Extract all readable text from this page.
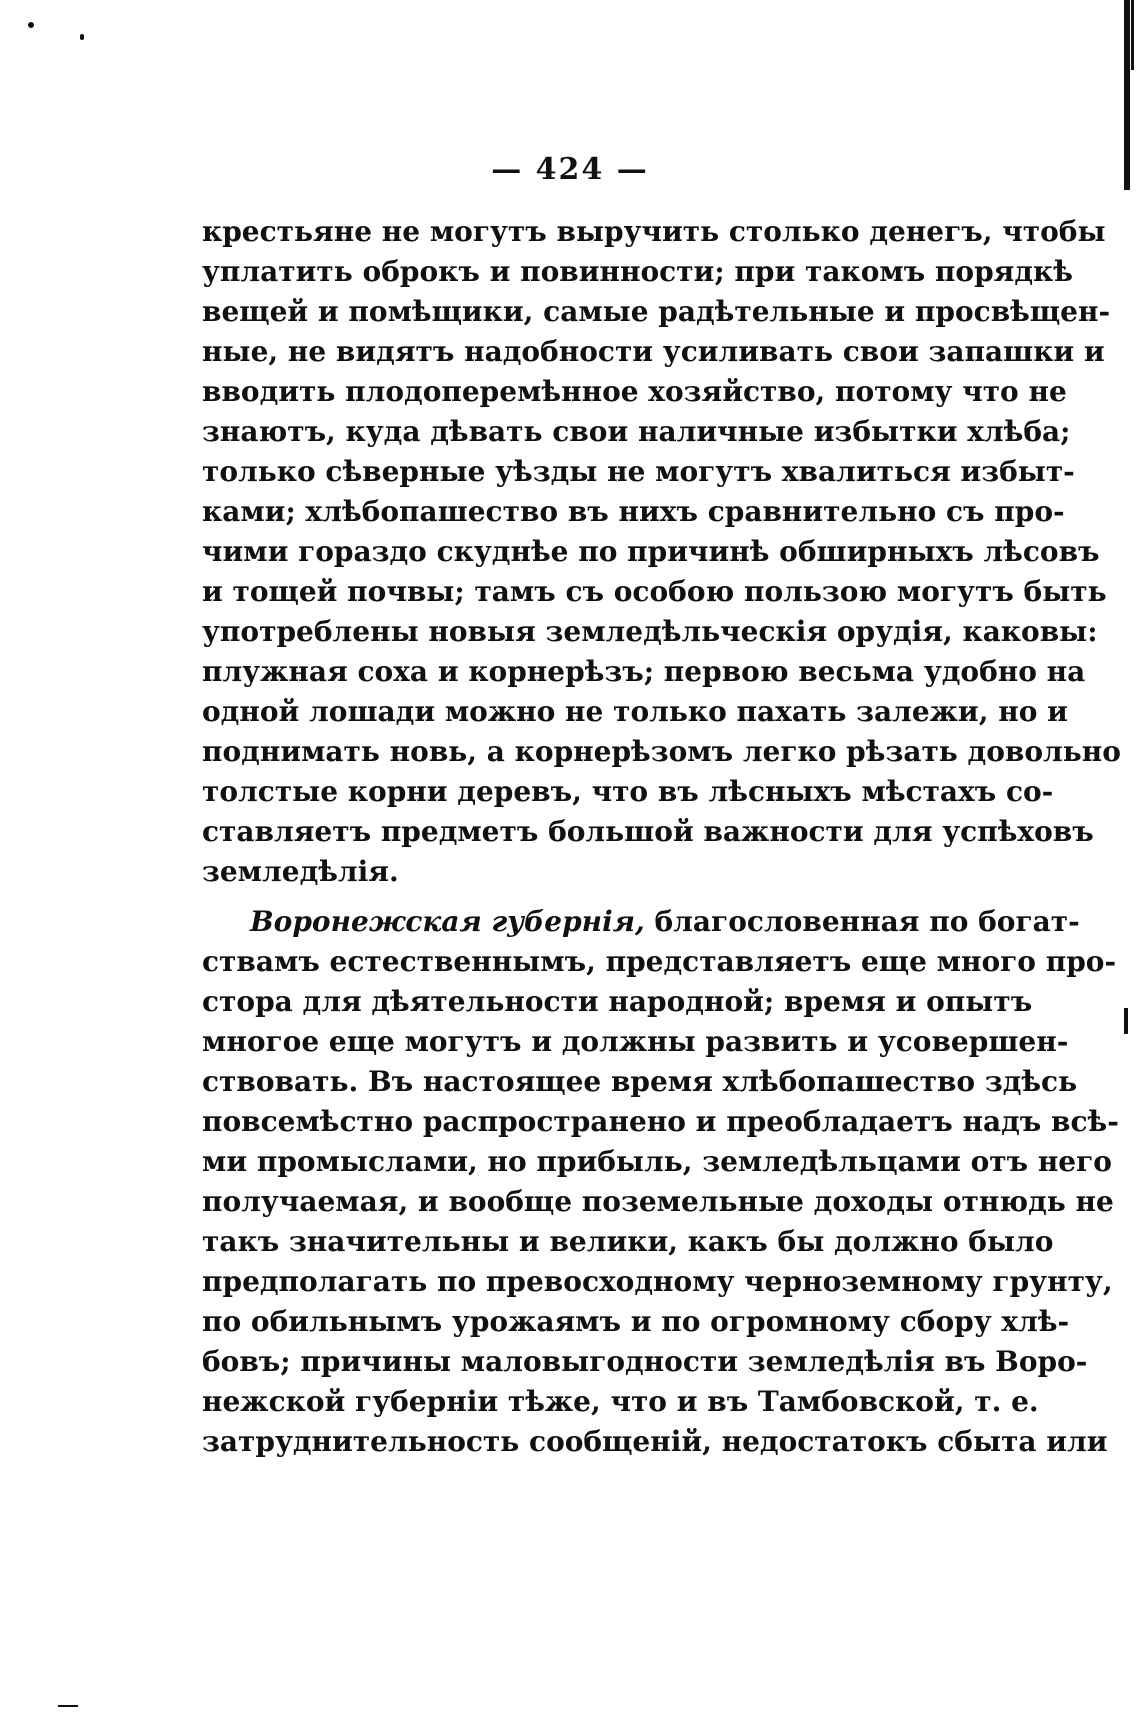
— 424 —
крестьяне не могутъ выручить столько денегъ, чтобы
уплатить оброкъ и повинности; при такомъ порядкѣ
вещей и помѣщики, самые радѣтельные и просвѣщен-
ные, не видятъ надобности усиливать свои запашки и
вводить плодоперемѣнное хозяйство, потому что не
знаютъ, куда дѣвать свои наличные избытки хлѣба;
только сѣверные уѣзды не могутъ хвалиться избыт-
ками; хлѣбопашество въ нихъ сравнительно съ про-
чими гораздо скуднѣе по причинѣ обширныхъ лѣсовъ
и тощей почвы; тамъ съ особою пользою могутъ быть
употреблены новыя земледѣльческія орудія, каковы:
плужная соха и корнерѣзъ; первою весьма удобно на
одной лошади можно не только пахать залежи, но и
поднимать новь, а корнерѣзомъ легко рѣзать довольно
толстые корни деревъ, что въ лѣсныхъ мѣстахъ со-
ставляетъ предметъ большой важности для успѣховъ
земледѣлія.
Воронежская губернія, благословенная по богат-
ствамъ естественнымъ, представляетъ еще много про-
стора для дѣятельности народной; время и опытъ
многое еще могутъ и должны развить и усовершен-
ствовать. Въ настоящее время хлѣбопашество здѣсь
повсемѣстно распространено и преобладаетъ надъ всѣ-
ми промыслами, но прибыль, земледѣльцами отъ него
получаемая, и вообще поземельные доходы отнюдь не
такъ значительны и велики, какъ бы должно было
предполагать по превосходному черноземному грунту,
по обильнымъ урожаямъ и по огромному сбору хлѣ-
бовъ; причины маловыгодности земледѣлія въ Воро-
нежской губерніи тѣже, что и въ Тамбовской, т. е.
затруднительность сообщеній, недостатокъ сбыта или
